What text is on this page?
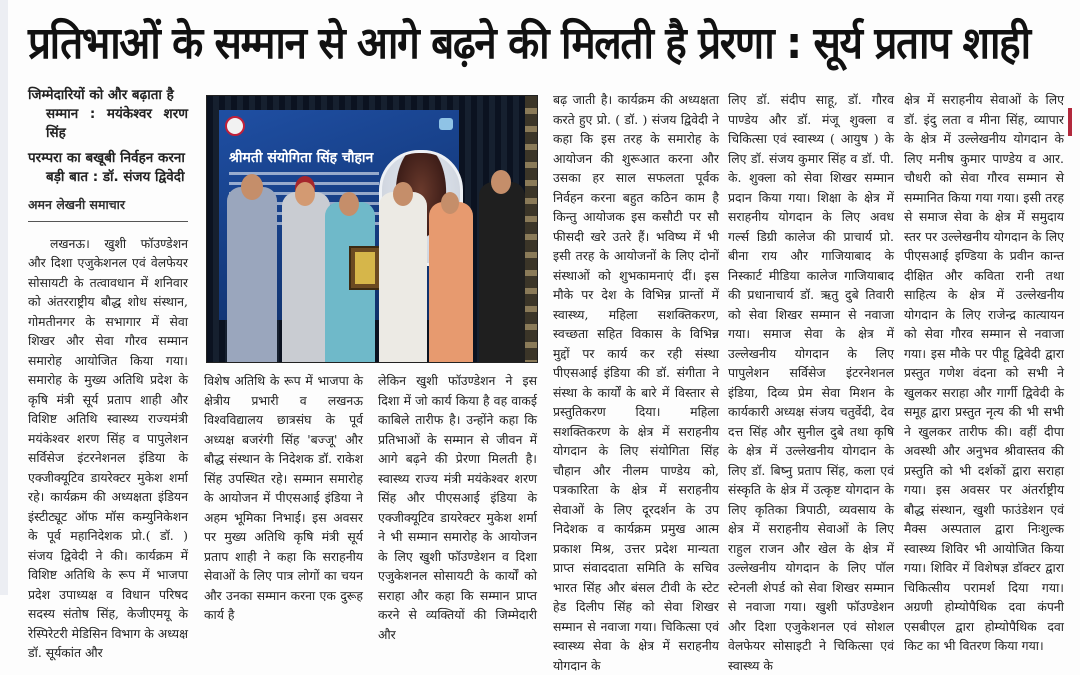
प्रतिभाओं के सम्मान से आगे बढ़ने की मिलती है प्रेरणा : सूर्य प्रताप शाही
जिम्मेदारियों को और बढ़ाता है
सम्मान : मयंकेश्वर शरण सिंह
परम्परा का बखूबी निर्वहन करना
बड़ी बात : डॉ. संजय द्विवेदी
अमन लेखनी समाचार

लखनऊ। खुशी फॉउण्डेशन और दिशा एजुकेशनल एवं वेलफेयर सोसायटी के तत्वावधान में शनिवार को अंतरराष्ट्रीय बौद्ध शोध संस्थान, गोमतीनगर के सभागार में सेवा शिखर और सेवा गौरव सम्मान समारोह आयोजित किया गया। समारोह के मुख्य अतिथि प्रदेश के कृषि मंत्री सूर्य प्रताप शाही और विशिष्ट अतिथि स्वास्थ्य राज्यमंत्री मयंकेश्वर शरण सिंह व पापुलेशन सर्विसेज इंटरनेशनल इंडिया के एक्जीक्यूटिव डायरेक्टर मुकेश शर्मा रहे। कार्यक्रम की अध्यक्षता इंडियन इंस्टीट्यूट ऑफ मॉस कम्युनिकेशन के पूर्व महानिदेशक प्रो.( डॉ. ) संजय द्विवेदी ने की। कार्यक्रम में विशिष्ट अतिथि के रूप में भाजपा प्रदेश उपाध्यक्ष व विधान परिषद सदस्य संतोष सिंह, केजीएमयू के रेस्पिरेटरी मेडिसिन विभाग के अध्यक्ष डॉ. सूर्यकांत और

श्रीमती संयोगिता सिंह चौहान

विशेष अतिथि के रूप में भाजपा के क्षेत्रीय प्रभारी व लखनऊ विश्वविद्यालय छात्रसंघ के पूर्व अध्यक्ष बजरंगी सिंह 'बज्जू' और बौद्ध संस्थान के निदेशक डॉ. राकेश सिंह उपस्थित रहे। सम्मान समारोह के आयोजन में पीएसआई इंडिया ने अहम भूमिका निभाई। इस अवसर पर मुख्य अतिथि कृषि मंत्री सूर्य प्रताप शाही ने कहा कि सराहनीय सेवाओं के लिए पात्र लोगों का चयन और उनका सम्मान करना एक दुरूह कार्य है

लेकिन खुशी फॉउण्डेशन ने इस दिशा में जो कार्य किया है वह वाकई काबिले तारीफ है। उन्होंने कहा कि प्रतिभाओं के सम्मान से जीवन में आगे बढ़ने की प्रेरणा मिलती है। स्वास्थ्य राज्य मंत्री मयंकेश्वर शरण सिंह और पीएसआई इंडिया के एक्जीक्यूटिव डायरेक्टर मुकेश शर्मा ने भी सम्मान समारोह के आयोजन के लिए खुशी फॉउण्डेशन व दिशा एजुकेशनल सोसायटी के कार्यों को सराहा और कहा कि सम्मान प्राप्त करने से व्यक्तियों की जिम्मेदारी और

बढ़ जाती है। कार्यक्रम की अध्यक्षता करते हुए प्रो. ( डॉ. ) संजय द्विवेदी ने कहा कि इस तरह के समारोह के आयोजन की शुरूआत करना और उसका हर साल सफलता पूर्वक निर्वहन करना बहुत कठिन काम है किन्तु आयोजक इस कसौटी पर सौ फीसदी खरे उतरे हैं। भविष्य में भी इसी तरह के आयोजनों के लिए दोनों संस्थाओं को शुभकामनाएं दीं। इस मौके पर देश के विभिन्न प्रान्तों में स्वास्थ्य, महिला सशक्तिकरण, स्वच्छता सहित विकास के विभिन्न मुद्दों पर कार्य कर रही संस्था पीएसआई इंडिया की डॉ. संगीता ने संस्था के कार्यों के बारे में विस्तार से प्रस्तुतिकरण दिया। महिला सशक्तिकरण के क्षेत्र में सराहनीय योगदान के लिए संयोगिता सिंह चौहान और नीलम पाण्डेय को, पत्रकारिता के क्षेत्र में सराहनीय सेवाओं के लिए दूरदर्शन के उप निदेशक व कार्यक्रम प्रमुख आत्म प्रकाश मिश्र, उत्तर प्रदेश मान्यता प्राप्त संवाददाता समिति के सचिव भारत सिंह और बंसल टीवी के स्टेट हेड दिलीप सिंह को सेवा शिखर सम्मान से नवाजा गया। चिकित्सा एवं स्वास्थ्य सेवा के क्षेत्र में सराहनीय योगदान के

लिए डॉ. संदीप साहू, डॉ. गौरव पाण्डेय और डॉ. मंजू शुक्ला व चिकित्सा एवं स्वास्थ्य ( आयुष ) के लिए डॉ. संजय कुमार सिंह व डॉ. पी. के. शुक्ला को सेवा शिखर सम्मान प्रदान किया गया। शिक्षा के क्षेत्र में सराहनीय योगदान के लिए अवध गर्ल्स डिग्री कालेज की प्राचार्य प्रो. बीना राय और गाजियाबाद के निस्कार्ट मीडिया कालेज गाजियाबाद की प्रधानाचार्य डॉ. ऋतु दुबे तिवारी को सेवा शिखर सम्मान से नवाजा गया। समाज सेवा के क्षेत्र में उल्लेखनीय योगदान के लिए पापुलेशन सर्विसेज इंटरनेशनल इंडिया, दिव्य प्रेम सेवा मिशन के कार्यकारी अध्यक्ष संजय चतुर्वेदी, देव दत्त सिंह और सुनील दुबे तथा कृषि के क्षेत्र में उल्लेखनीय योगदान के लिए डॉ. बिष्नु प्रताप सिंह, कला एवं संस्कृति के क्षेत्र में उत्कृष्ट योगदान के लिए कृतिका त्रिपाठी, व्यवसाय के क्षेत्र में सराहनीय सेवाओं के लिए राहुल राजन और खेल के क्षेत्र में उल्लेखनीय योगदान के लिए पॉल स्टेनली शेपर्ड को सेवा शिखर सम्मान से नवाजा गया। खुशी फॉउण्डेशन और दिशा एजुकेशनल एवं सोशल वेलफेयर सोसाइटी ने चिकित्सा एवं स्वास्थ्य के

क्षेत्र में सराहनीय सेवाओं के लिए डॉ. इंदु लता व मीना सिंह, व्यापार के क्षेत्र में उल्लेखनीय योगदान के लिए मनीष कुमार पाण्डेय व आर. चौधरी को सेवा गौरव सम्मान से सम्मानित किया गया गया। इसी तरह से समाज सेवा के क्षेत्र में समुदाय स्तर पर उल्लेखनीय योगदान के लिए पीएसआई इण्डिया के प्रवीन कान्त दीक्षित और कविता रानी तथा साहित्य के क्षेत्र में उल्लेखनीय योगदान के लिए राजेन्द्र कात्यायन को सेवा गौरव सम्मान से नवाजा गया। इस मौके पर पीहू द्विवेदी द्वारा प्रस्तुत गणेश वंदना को सभी ने खुलकर सराहा और गार्गी द्विवेदी के समूह द्वारा प्रस्तुत नृत्य की भी सभी ने खुलकर तारीफ की। वहीं दीपा अवस्थी और अनुभव श्रीवास्तव की प्रस्तुति को भी दर्शकों द्वारा सराहा गया। इस अवसर पर अंतर्राष्ट्रीय बौद्ध संस्थान, खुशी फाउंडेशन एवं मैक्स अस्पताल द्वारा निःशुल्क स्वास्थ्य शिविर भी आयोजित किया गया। शिविर में विशेषज्ञ डॉक्टर द्वारा चिकित्सीय परामर्श दिया गया। अग्रणी होम्योपैथिक दवा कंपनी एसबीएल द्वारा होम्योपैथिक दवा किट का भी वितरण किया गया।
